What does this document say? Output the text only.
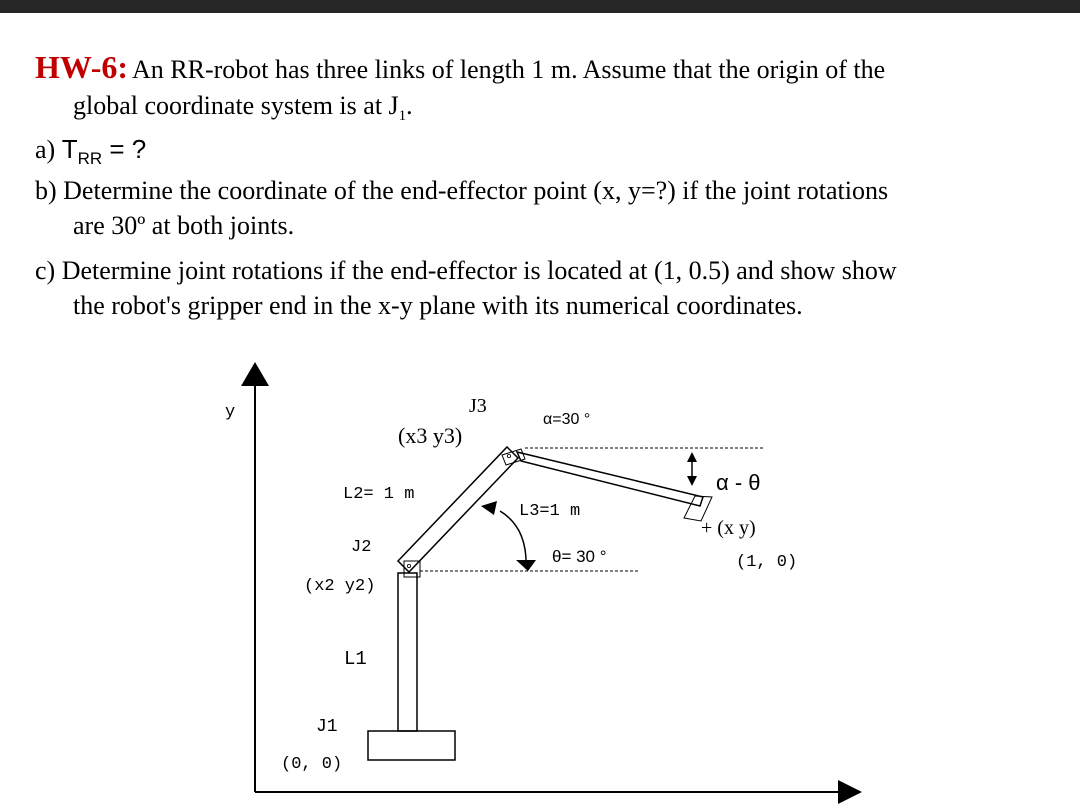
HW-6: An RR-robot has three links of length 1 m. Assume that the origin of the
global coordinate system is at $J_1$.
a) $T_{RR}$ = ?
b) Determine the coordinate of the end-effector point (x, y=?) if the joint rotations
are 30º at both joints.
c) Determine joint rotations if the end-effector is located at (1, 0.5) and show show
the robot's gripper end in the x-y plane with its numerical coordinates.
y	J3
(x3 y3)
α=30 °
α - θ
L2= 1 m
L3=1 m
J2
(x2 y2)
θ= 30 °
+ (x y)
(1, 0)
L1
J1
(0, 0)
